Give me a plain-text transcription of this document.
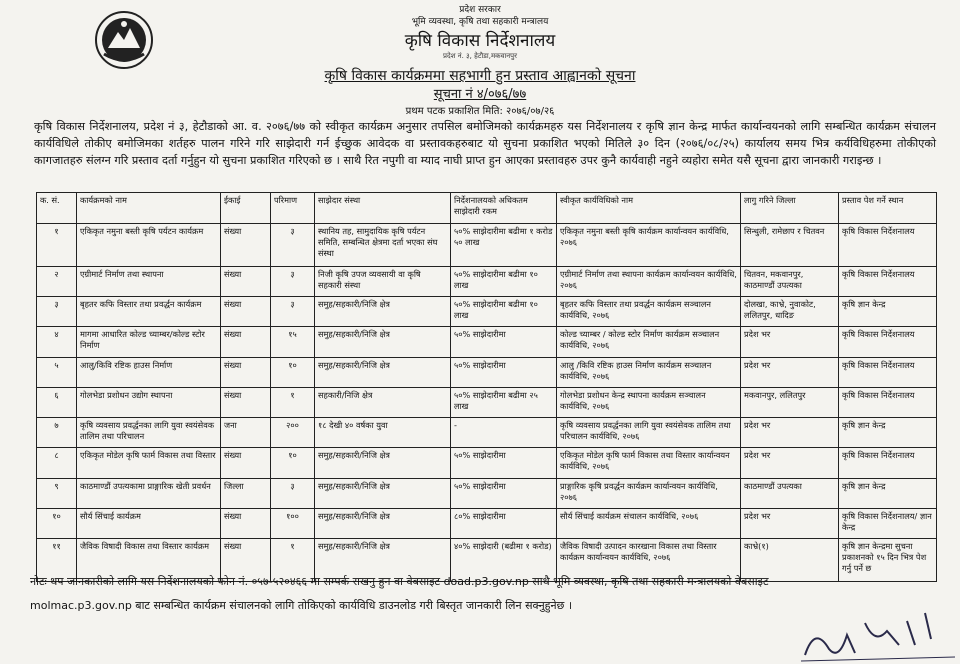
प्रदेश सरकार
भूमि व्यवस्था, कृषि तथा सहकारी मन्त्रालय
कृषि विकास निर्देशनालय
प्रदेश नं. ३, हेटौडा,मकवानपुर
कृषि विकास कार्यक्रममा सहभागी हुन प्रस्ताव आह्वानको सूचना
सूचना नं ४/०७६/७७
प्रथम पटक प्रकाशित मिति: २०७६/०७/२६
कृषि विकास निर्देशनालय, प्रदेश नं ३, हेटौडाको आ. व. २०७६/७७ को स्वीकृत कार्यक्रम अनुसार तपसिल बमोजिमको कार्यक्रमहरु यस निर्देशनालय र कृषि ज्ञान केन्द्र मार्फत कार्यान्वयनको लागि सम्बन्धित कार्यक्रम संचालन कार्यविधिले तोकीए बमोजिमका शर्तहरु पालन गरिने गरि साझेदारी गर्न ईच्छुक आवेदक वा प्रस्तावकहरुबाट यो सुचना प्रकाशित भएको मितिले ३० दिन (२०७६/०८/२५) कार्यालय समय भित्र कर्यविधिहरुमा तोकीएको कागजातहरु संलग्न गरि प्रस्ताव दर्ता गर्नुहुन यो सुचना प्रकाशित गरिएको छ । साथै रित नपुगी वा म्याद नाघी प्राप्त हुन आएका प्रस्तावहरु उपर कुनै कार्यवाही नहुने व्यहोरा समेत यसै सूचना द्वारा जानकारी गराइन्छ ।
क. सं.	कार्यक्रमको नाम	ईकाई	परिमाण	साझेदार संस्था	निर्देशनालयको अधिकतम साझेदारी रकम	स्वीकृत कार्यविधिको नाम	लागु गरिने जिल्ला	प्रस्ताव पेश गर्ने स्थान
१	एकिकृत नमुना बस्ती कृषि पर्यटन कार्यक्रम	संख्या	३	स्थानिय तह, सामुदायिक कृषि पर्यटन समिति, सम्बन्धित क्षेत्रमा दर्ता भएका संघ संस्था	५०% साझेदारीमा बढीमा १ करोड ५० लाख	एकिकृत नमुना बस्ती कृषि कार्यक्रम कार्यान्वयन कार्यविधि, २०७६	सिन्धुली, रामेछाप र चितवन	कृषि विकास निर्देशनालय
२	एग्रीमार्ट निर्माण तथा स्थापना	संख्या	३	निजी कृषि उपज व्यवसायी वा कृषि सहकारी संस्था	५०% साझेदारीमा बढीमा १० लाख	एग्रीमार्ट निर्माण तथा स्थापना कार्यक्रम कार्यान्वयन कार्यविधि, २०७६	चितवन, मकवानपुर, काठमाण्डौं उपत्यका	कृषि विकास निर्देशनालय
३	बृहतर कफि विस्तार तथा प्रवर्द्धन कार्यक्रम	संख्या	३	समुह/सहकारी/निजि क्षेत्र	५०% साझेदारीमा बढीमा १० लाख	बृहतर कफि विस्तार तथा प्रवर्द्धन कार्यक्रम सञ्चालन कार्यविधि, २०७६	दोलखा, काभ्रे, नुवाकोट, ललितपुर, धादिङ	कृषि ज्ञान केन्द्र
४	मागमा आधारित कोल्ड च्याम्बर/कोल्ड स्टोर निर्माण	संख्या	१५	समुह/सहकारी/निजि क्षेत्र	५०% साझेदारीमा	कोल्ड च्याम्बर / कोल्ड स्टोर निर्माण कार्यक्रम सञ्चालन कार्यविधि, २०७६	प्रदेश भर	कृषि विकास निर्देशनालय
५	आलु/किवि रष्टिक हाउस निर्माण	संख्या	१०	समुह/सहकारी/निजि क्षेत्र	५०% साझेदारीमा	आलु /किवि रष्टिक हाउस निर्माण कार्यक्रम सञ्चालन कार्यविधि, २०७६	प्रदेश भर	कृषि विकास निर्देशनालय
६	गोलभेडा प्रशोधन उद्योग स्थापना	संख्या	१	सहकारी/निजि क्षेत्र	५०% साझेदारीमा बढीमा २५ लाख	गोलभेडा प्रशोधन केन्द्र स्थापना कार्यक्रम सञ्चालन कार्यविधि, २०७६	मकवानपुर, ललितपुर	कृषि विकास निर्देशनालय
७	कृषि व्यवसाय प्रवर्द्धनका लागि युवा स्वयंसेवक तालिम तथा परिचालन	जना	२००	१८ देखी ४० वर्षका युवा	-	कृषि व्यवसाय प्रवर्द्धनका लागि युवा स्वयंसेवक तालिम तथा परिचालन कार्यविधि, २०७६	प्रदेश भर	कृषि ज्ञान केन्द्र
८	एकिकृत मोडेल कृषि फार्म विकास तथा विस्तार	संख्या	१०	समुह/सहकारी/निजि क्षेत्र	५०% साझेदारीमा	एकिकृत मोडेल कृषि फार्म विकास तथा विस्तार कार्यान्वयन कार्यविधि, २०७६	प्रदेश भर	कृषि विकास निर्देशनालय
९	काठमाण्डौं उपत्यकामा प्राङ्गारिक खेती प्रवर्धन	जिल्ला	३	समुह/सहकारी/निजि क्षेत्र	५०% साझेदारीमा	प्राङ्गारिक कृषि प्रवर्द्धन कार्यक्रम कार्यान्वयन कार्यविधि, २०७६	काठमाण्डौं उपत्यका	कृषि ज्ञान केन्द्र
१०	सौर्य सिंचाई कार्यक्रम	संख्या	१००	समुह/सहकारी/निजि क्षेत्र	८०% साझेदारीमा	सौर्य सिंचाई कार्यक्रम संचालन कार्यविधि, २०७६	प्रदेश भर	कृषि विकास निर्देशनालय/ ज्ञान केन्द्र
११	जैविक विषादी विकास तथा विस्तार कार्यक्रम	संख्या	१	समुह/सहकारी/निजि क्षेत्र	४०% साझेदारी (बढीमा १ करोड)	जैविक विषादी उत्पादन कारखाना विकास तथा विस्तार कार्यक्रम कार्यान्वयन कार्यविधि, २०७६	काभ्रे(१)	कृषि ज्ञान केन्द्रमा सुचना प्रकाशनको १५ दिन भित्र पेश गर्नु पर्ने छ
नोटः थप जानकारीको लागि यस निर्देशनालयको फोन नं. ०५७-५२०४६६ मा सम्पर्क राखनु हुन वा वेबसाइट doad.p3.gov.np साथै भूमि व्यवस्था, कृषि तथा सहकारी मन्त्रालयको वेबसाइट
molmac.p3.gov.np बाट सम्बन्धित कार्यक्रम संचालनको लागि तोकिएको कार्यविधि डाउनलोड गरी बिस्तृत जानकारी लिन सक्नुहुनेछ ।
